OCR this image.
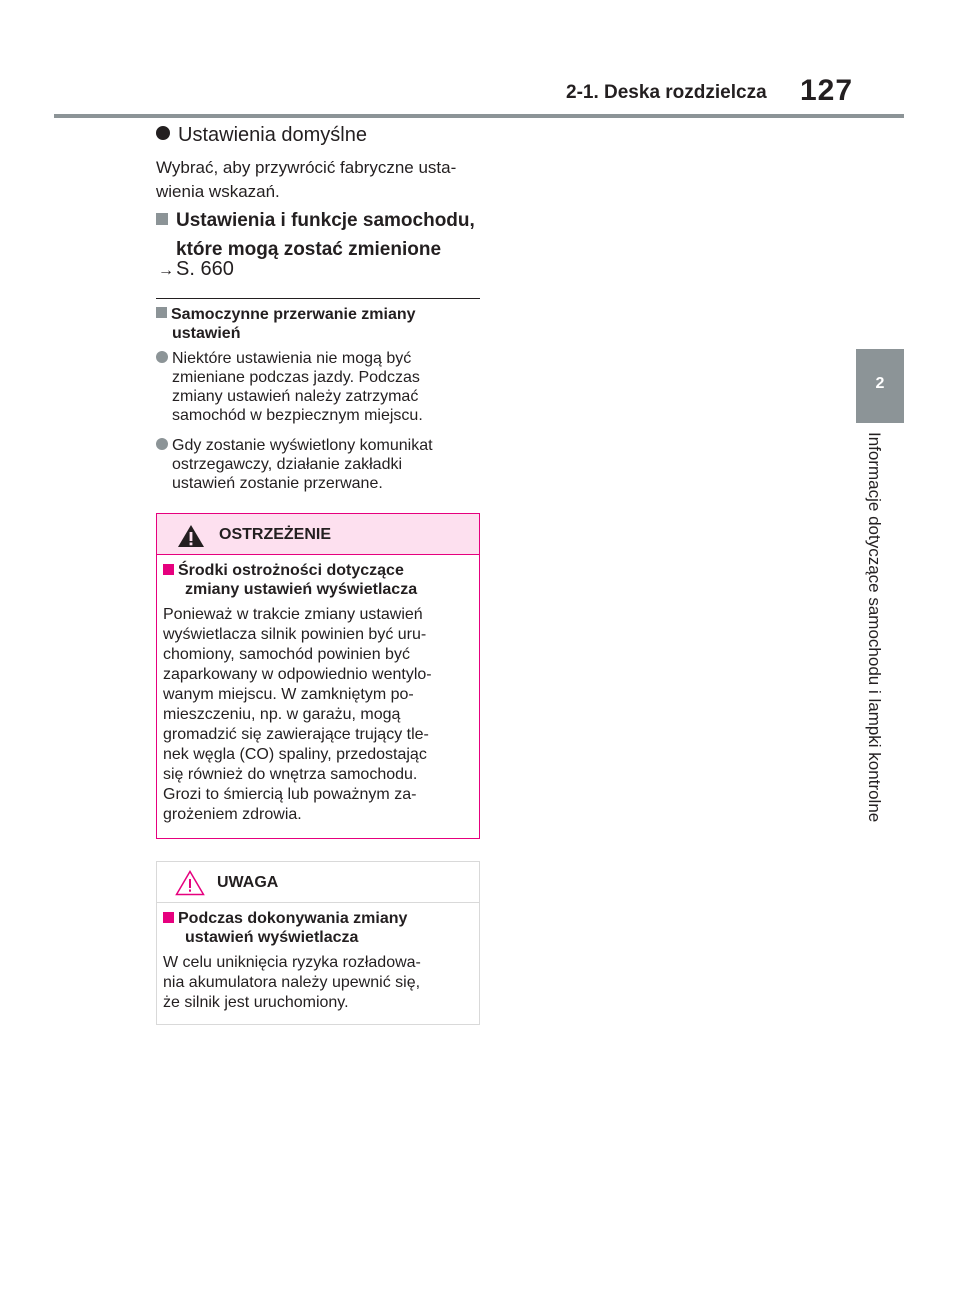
2-1. Deska rozdzielcza 127
2
Informacje dotyczące samochodu i lampki kontrolne
Ustawienia domyślne
Wybrać, aby przywrócić fabryczne usta-
wienia wskazań.
Ustawienia i funkcje samochodu,
które mogą zostać zmienione
→ S. 660
Samoczynne przerwanie zmiany
ustawień
Niektóre ustawienia nie mogą być
zmieniane podczas jazdy. Podczas
zmiany ustawień należy zatrzymać
samochód w bezpiecznym miejscu.
Gdy zostanie wyświetlony komunikat
ostrzegawczy, działanie zakładki
ustawień zostanie przerwane.
OSTRZEŻENIE
Środki ostrożności dotyczące
zmiany ustawień wyświetlacza
Ponieważ w trakcie zmiany ustawień
wyświetlacza silnik powinien być uru-
chomiony, samochód powinien być
zaparkowany w odpowiednio wentylo-
wanym miejscu. W zamkniętym po-
mieszczeniu, np. w garażu, mogą
gromadzić się zawierające trujący tle-
nek węgla (CO) spaliny, przedostając
się również do wnętrza samochodu.
Grozi to śmiercią lub poważnym za-
grożeniem zdrowia.
UWAGA
Podczas dokonywania zmiany
ustawień wyświetlacza
W celu uniknięcia ryzyka rozładowa-
nia akumulatora należy upewnić się,
że silnik jest uruchomiony.
